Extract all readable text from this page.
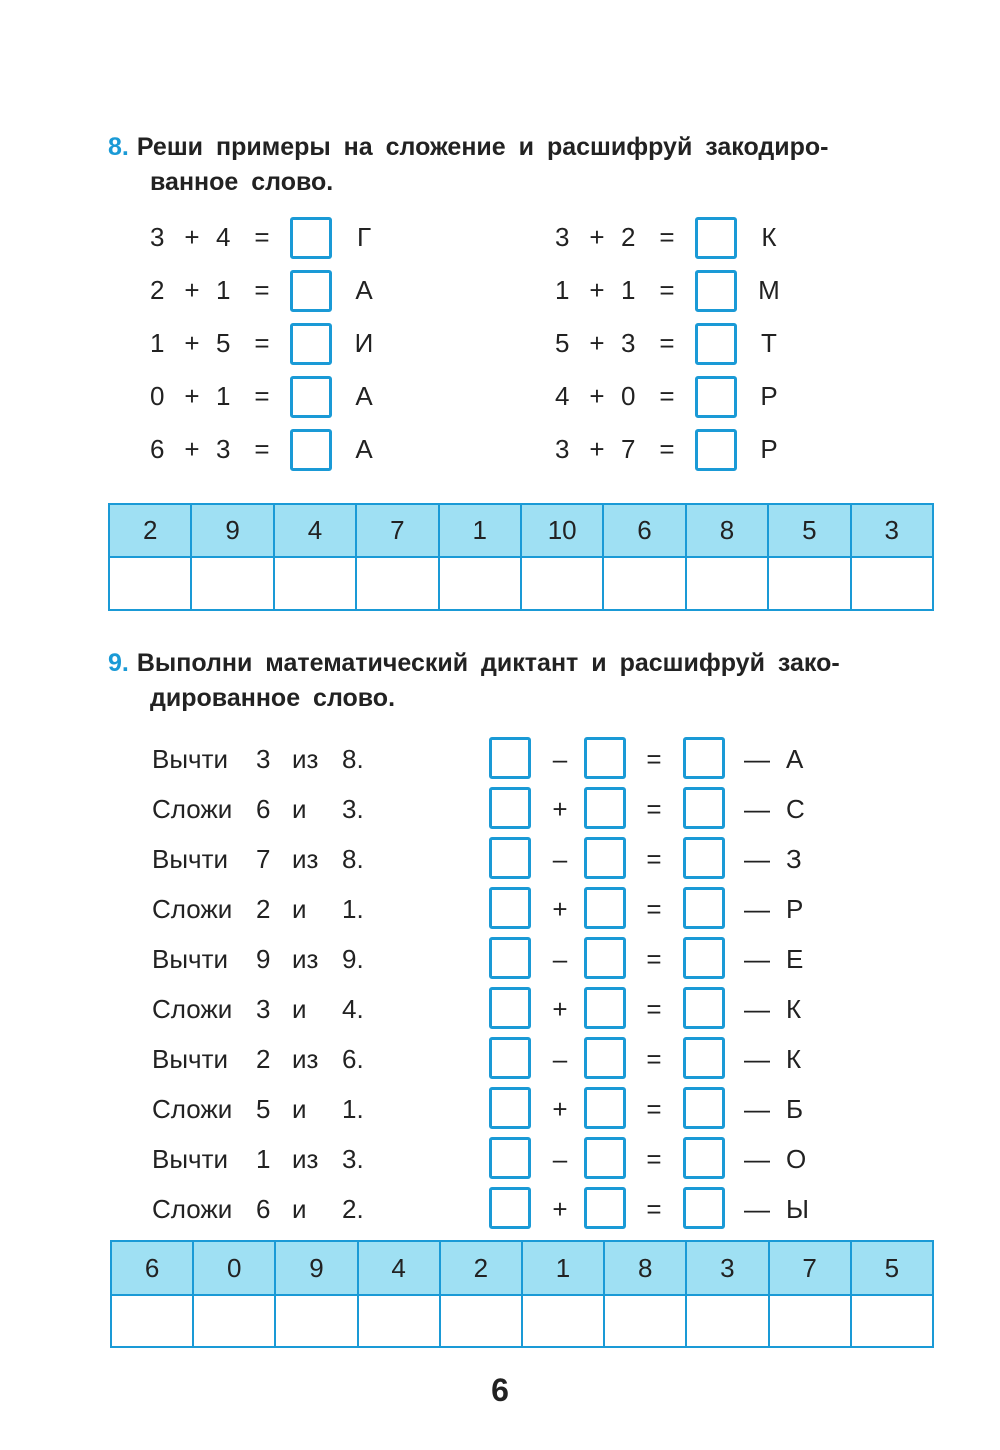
8. Реши примеры на сложение и расшифруй закодиро-
ванное слово.
3 + 4 =	Г
2 + 1 =	А
1 + 5 =	И
0 + 1 =	А
6 + 3 =	А
3 + 2 =	К
1 + 1 =	М
5 + 3 =	Т
4 + 0 =	Р
3 + 7 =	Р
2	9	4	7	1	10	6	8	5	3

9. Выполни математический диктант и расшифруй зако-
дированное слово.
Вычти 3 из 8.	–	=	— А
Сложи 6 и 3.	+	=	— С
Вычти 7 из 8.	–	=	— З
Сложи 2 и 1.	+	=	— Р
Вычти 9 из 9.	–	=	— Е
Сложи 3 и 4.	+	=	— К
Вычти 2 из 6.	–	=	— К
Сложи 5 и 1.	+	=	— Б
Вычти 1 из 3.	–	=	— О
Сложи 6 и 2.	+	=	— Ы
6	0	9	4	2	1	8	3	7	5

6
